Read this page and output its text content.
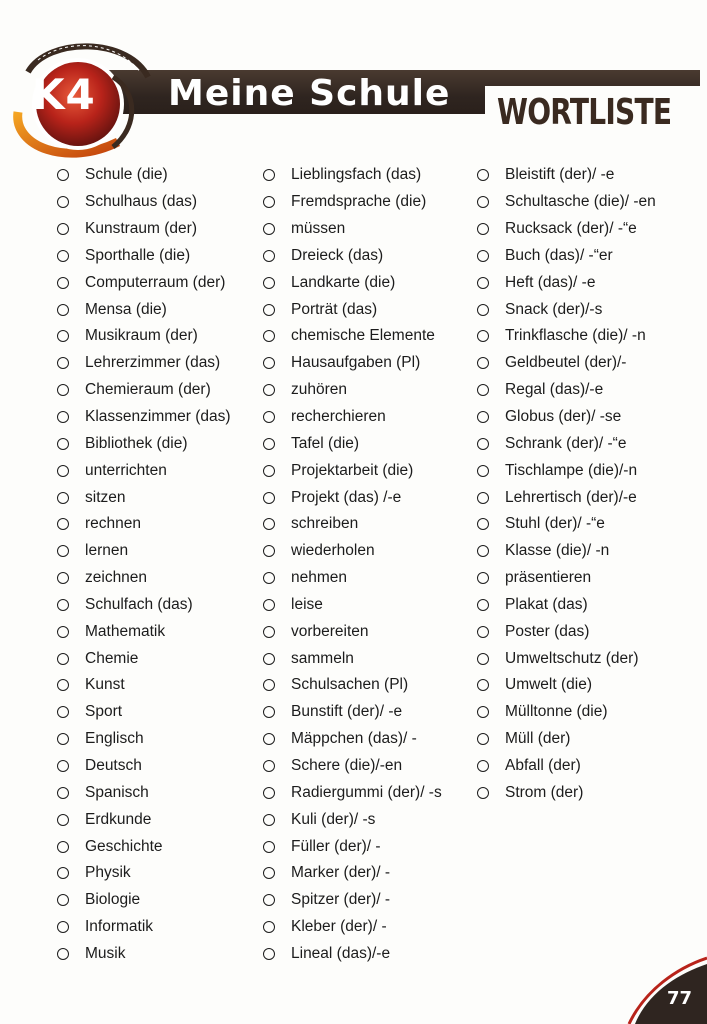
K4 Meine Schule WORTLISTE
Schule (die)
Schulhaus (das)
Kunstraum (der)
Sporthalle (die)
Computerraum (der)
Mensa (die)
Musikraum (der)
Lehrerzimmer (das)
Chemieraum (der)
Klassenzimmer (das)
Bibliothek (die)
unterrichten
sitzen
rechnen
lernen
zeichnen
Schulfach (das)
Mathematik
Chemie
Kunst
Sport
Englisch
Deutsch
Spanisch
Erdkunde
Geschichte
Physik
Biologie
Informatik
Musik
Lieblingsfach (das)
Fremdsprache (die)
müssen
Dreieck (das)
Landkarte (die)
Porträt (das)
chemische Elemente
Hausaufgaben (Pl)
zuhören
recherchieren
Tafel (die)
Projektarbeit (die)
Projekt (das) /-e
schreiben
wiederholen
nehmen
leise
vorbereiten
sammeln
Schulsachen (Pl)
Bunstift (der)/ -e
Mäppchen (das)/ -
Schere (die)/-en
Radiergummi (der)/ -s
Kuli (der)/ -s
Füller (der)/ -
Marker (der)/ -
Spitzer (der)/ -
Kleber (der)/ -
Lineal (das)/-e
Bleistift (der)/ -e
Schultasche (die)/ -en
Rucksack (der)/ -“e
Buch (das)/ -“er
Heft (das)/ -e
Snack (der)/-s
Trinkflasche (die)/ -n
Geldbeutel (der)/-
Regal (das)/-e
Globus (der)/ -se
Schrank (der)/ -“e
Tischlampe (die)/-n
Lehrertisch (der)/-e
Stuhl (der)/ -“e
Klasse (die)/ -n
präsentieren
Plakat (das)
Poster (das)
Umweltschutz (der)
Umwelt (die)
Mülltonne (die)
Müll (der)
Abfall (der)
Strom (der)
77
